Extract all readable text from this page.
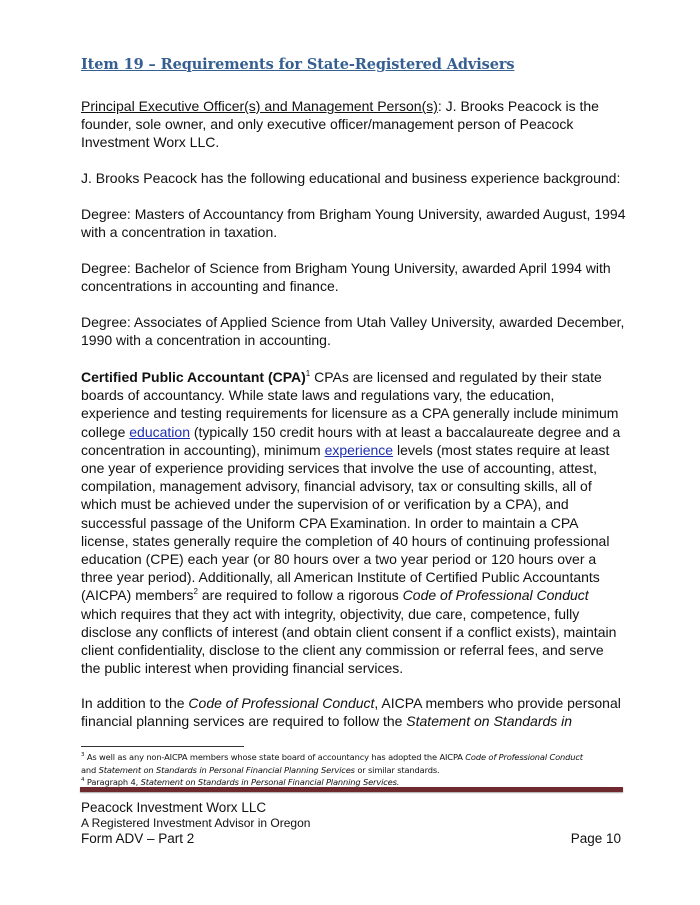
Item 19 – Requirements for State-Registered Advisers

Principal Executive Officer(s) and Management Person(s): J. Brooks Peacock is the founder, sole owner, and only executive officer/management person of Peacock Investment Worx LLC.

J. Brooks Peacock has the following educational and business experience background:

Degree: Masters of Accountancy from Brigham Young University, awarded August, 1994 with a concentration in taxation.

Degree: Bachelor of Science from Brigham Young University, awarded April 1994 with concentrations in accounting and finance.

Degree: Associates of Applied Science from Utah Valley University, awarded December, 1990 with a concentration in accounting.

Certified Public Accountant (CPA)$^1$ CPAs are licensed and regulated by their state boards of accountancy. While state laws and regulations vary, the education, experience and testing requirements for licensure as a CPA generally include minimum college education (typically 150 credit hours with at least a baccalaureate degree and a concentration in accounting), minimum experience levels (most states require at least one year of experience providing services that involve the use of accounting, attest, compilation, management advisory, financial advisory, tax or consulting skills, all of which must be achieved under the supervision of or verification by a CPA), and successful passage of the Uniform CPA Examination. In order to maintain a CPA license, states generally require the completion of 40 hours of continuing professional education (CPE) each year (or 80 hours over a two year period or 120 hours over a three year period). Additionally, all American Institute of Certified Public Accountants (AICPA) members$^2$ are required to follow a rigorous Code of Professional Conduct which requires that they act with integrity, objectivity, due care, competence, fully disclose any conflicts of interest (and obtain client consent if a conflict exists), maintain client confidentiality, disclose to the client any commission or referral fees, and serve the public interest when providing financial services.

In addition to the Code of Professional Conduct, AICPA members who provide personal financial planning services are required to follow the Statement on Standards in

$^3$ As well as any non-AICPA members whose state board of accountancy has adopted the AICPA Code of Professional Conduct

and Statement on Standards in Personal Financial Planning Services or similar standards.

$^4$ Paragraph 4, Statement on Standards in Personal Financial Planning Services.

Peacock Investment Worx LLC
A Registered Investment Advisor in Oregon
Form ADV – Part 2	Page 10
